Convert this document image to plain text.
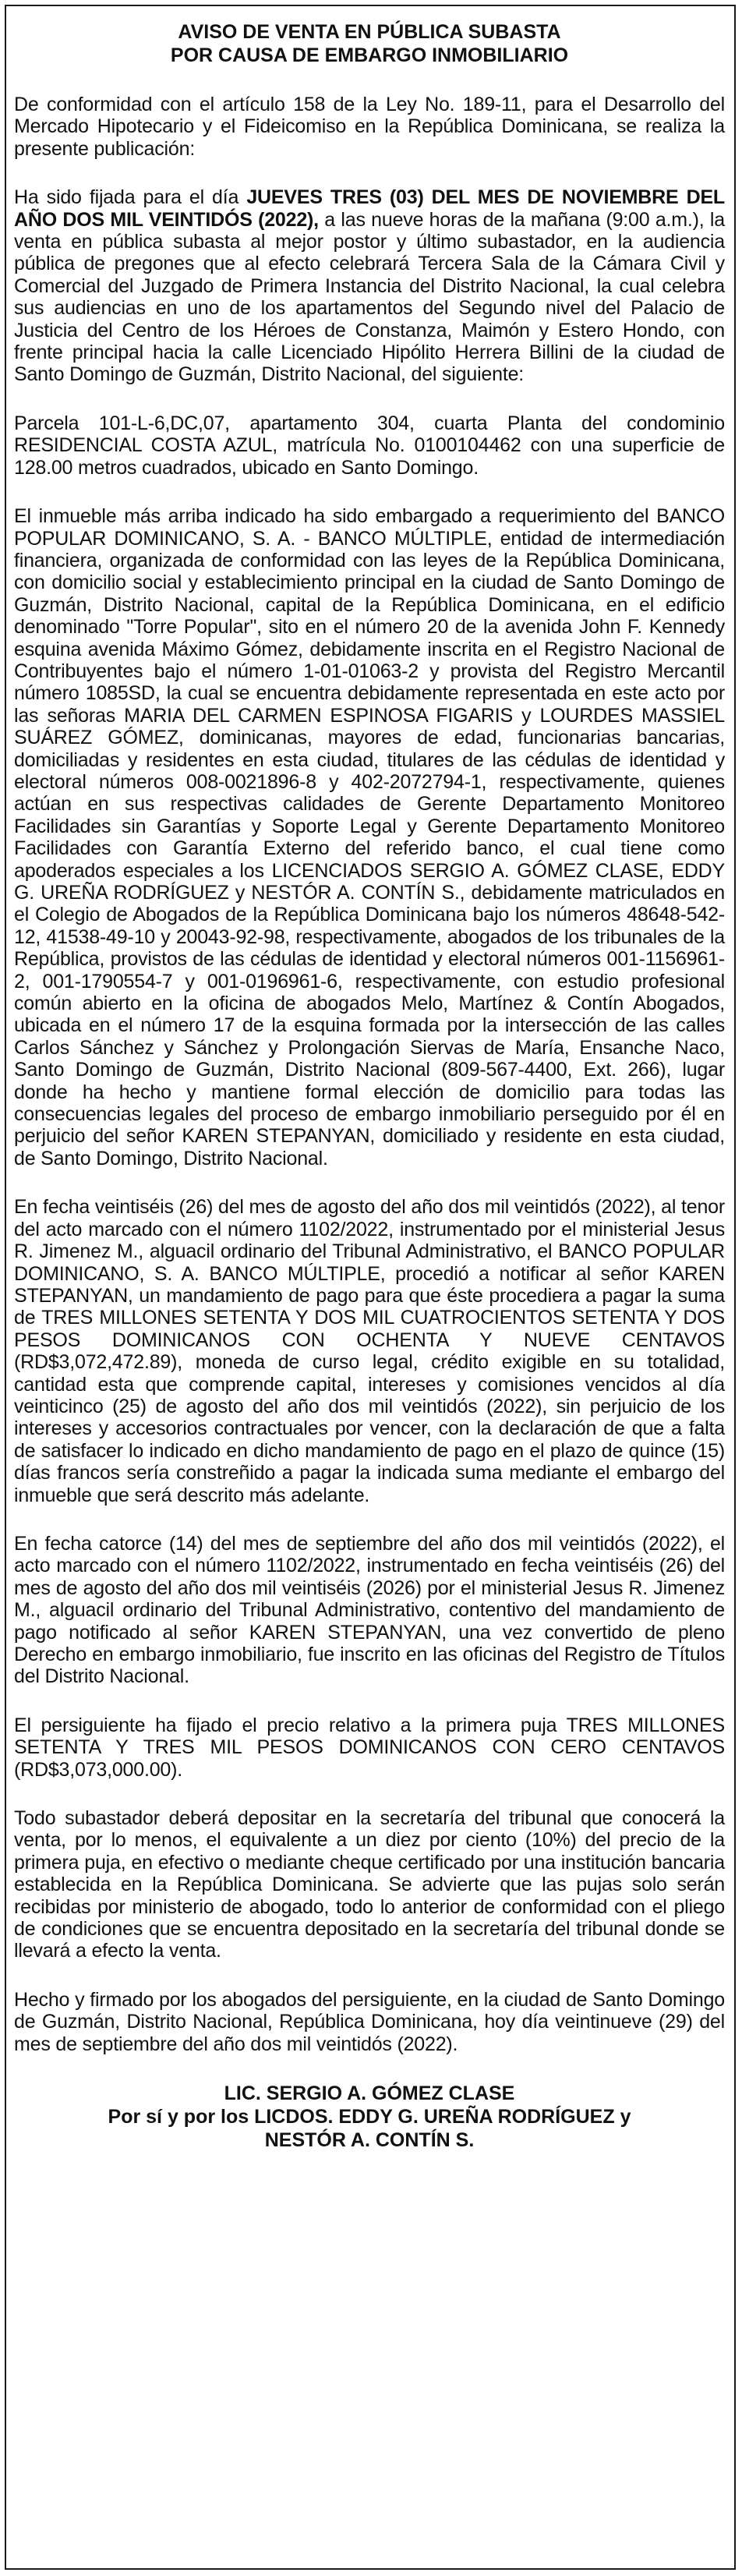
AVISO DE VENTA EN PÚBLICA SUBASTA
POR CAUSA DE EMBARGO INMOBILIARIO

De conformidad con el artículo 158 de la Ley No. 189-11, para el Desarrollo del Mercado Hipotecario y el Fideicomiso en la República Dominicana, se realiza la presente publicación:

Ha sido fijada para el día JUEVES TRES (03) DEL MES DE NOVIEMBRE DEL AÑO DOS MIL VEINTIDÓS (2022), a las nueve horas de la mañana (9:00 a.m.), la venta en pública subasta al mejor postor y último subastador, en la audiencia pública de pregones que al efecto celebrará Tercera Sala de la Cámara Civil y Comercial del Juzgado de Primera Instancia del Distrito Nacional, la cual celebra sus audiencias en uno de los apartamentos del Segundo nivel del Palacio de Justicia del Centro de los Héroes de Constanza, Maimón y Estero Hondo, con frente principal hacia la calle Licenciado Hipólito Herrera Billini de la ciudad de Santo Domingo de Guzmán, Distrito Nacional, del siguiente:

Parcela 101-L-6,DC,07, apartamento 304, cuarta Planta del condominio RESIDENCIAL COSTA AZUL, matrícula No. 0100104462 con una superficie de 128.00 metros cuadrados, ubicado en Santo Domingo.

El inmueble más arriba indicado ha sido embargado a requerimiento del BANCO POPULAR DOMINICANO, S. A. - BANCO MÚLTIPLE, entidad de intermediación financiera, organizada de conformidad con las leyes de la República Dominicana, con domicilio social y establecimiento principal en la ciudad de Santo Domingo de Guzmán, Distrito Nacional, capital de la República Dominicana, en el edificio denominado "Torre Popular", sito en el número 20 de la avenida John F. Kennedy esquina avenida Máximo Gómez, debidamente inscrita en el Registro Nacional de Contribuyentes bajo el número 1-01-01063-2 y provista del Registro Mercantil número 1085SD, la cual se encuentra debidamente representada en este acto por las señoras MARIA DEL CARMEN ESPINOSA FIGARIS y LOURDES MASSIEL SUÁREZ GÓMEZ, dominicanas, mayores de edad, funcionarias bancarias, domiciliadas y residentes en esta ciudad, titulares de las cédulas de identidad y electoral números 008-0021896-8 y 402-2072794-1, respectivamente, quienes actúan en sus respectivas calidades de Gerente Departamento Monitoreo Facilidades sin Garantías y Soporte Legal y Gerente Departamento Monitoreo Facilidades con Garantía Externo del referido banco, el cual tiene como apoderados especiales a los LICENCIADOS SERGIO A. GÓMEZ CLASE, EDDY G. UREÑA RODRÍGUEZ y NESTÓR A. CONTÍN S., debidamente matriculados en el Colegio de Abogados de la República Dominicana bajo los números 48648-542-12, 41538-49-10 y 20043-92-98, respectivamente, abogados de los tribunales de la República, provistos de las cédulas de identidad y electoral números 001-1156961-2, 001-1790554-7 y 001-0196961-6, respectivamente, con estudio profesional común abierto en la oficina de abogados Melo, Martínez & Contín Abogados, ubicada en el número 17 de la esquina formada por la intersección de las calles Carlos Sánchez y Sánchez y Prolongación Siervas de María, Ensanche Naco, Santo Domingo de Guzmán, Distrito Nacional (809-567-4400, Ext. 266), lugar donde ha hecho y mantiene formal elección de domicilio para todas las consecuencias legales del proceso de embargo inmobiliario perseguido por él en perjuicio del señor KAREN STEPANYAN, domiciliado y residente en esta ciudad, de Santo Domingo, Distrito Nacional.

En fecha veintiséis (26) del mes de agosto del año dos mil veintidós (2022), al tenor del acto marcado con el número 1102/2022, instrumentado por el ministerial Jesus R. Jimenez M., alguacil ordinario del Tribunal Administrativo, el BANCO POPULAR DOMINICANO, S. A. BANCO MÚLTIPLE, procedió a notificar al señor KAREN STEPANYAN, un mandamiento de pago para que éste procediera a pagar la suma de TRES MILLONES SETENTA Y DOS MIL CUATROCIENTOS SETENTA Y DOS PESOS DOMINICANOS CON OCHENTA Y NUEVE CENTAVOS (RD$3,072,472.89), moneda de curso legal, crédito exigible en su totalidad, cantidad esta que comprende capital, intereses y comisiones vencidos al día veinticinco (25) de agosto del año dos mil veintidós (2022), sin perjuicio de los intereses y accesorios contractuales por vencer, con la declaración de que a falta de satisfacer lo indicado en dicho mandamiento de pago en el plazo de quince (15) días francos sería constreñido a pagar la indicada suma mediante el embargo del inmueble que será descrito más adelante.

En fecha catorce (14) del mes de septiembre del año dos mil veintidós (2022), el acto marcado con el número 1102/2022, instrumentado en fecha veintiséis (26) del mes de agosto del año dos mil veintiséis (2026) por el ministerial Jesus R. Jimenez M., alguacil ordinario del Tribunal Administrativo, contentivo del mandamiento de pago notificado al señor KAREN STEPANYAN, una vez convertido de pleno Derecho en embargo inmobiliario, fue inscrito en las oficinas del Registro de Títulos del Distrito Nacional.

El persiguiente ha fijado el precio relativo a la primera puja TRES MILLONES SETENTA Y TRES MIL PESOS DOMINICANOS CON CERO CENTAVOS (RD$3,073,000.00).

Todo subastador deberá depositar en la secretaría del tribunal que conocerá la venta, por lo menos, el equivalente a un diez por ciento (10%) del precio de la primera puja, en efectivo o mediante cheque certificado por una institución bancaria establecida en la República Dominicana. Se advierte que las pujas solo serán recibidas por ministerio de abogado, todo lo anterior de conformidad con el pliego de condiciones que se encuentra depositado en la secretaría del tribunal donde se llevará a efecto la venta.

Hecho y firmado por los abogados del persiguiente, en la ciudad de Santo Domingo de Guzmán, Distrito Nacional, República Dominicana, hoy día veintinueve (29) del mes de septiembre del año dos mil veintidós (2022).

LIC. SERGIO A. GÓMEZ CLASE
Por sí y por los LICDOS. EDDY G. UREÑA RODRÍGUEZ y
NESTÓR A. CONTÍN S.
